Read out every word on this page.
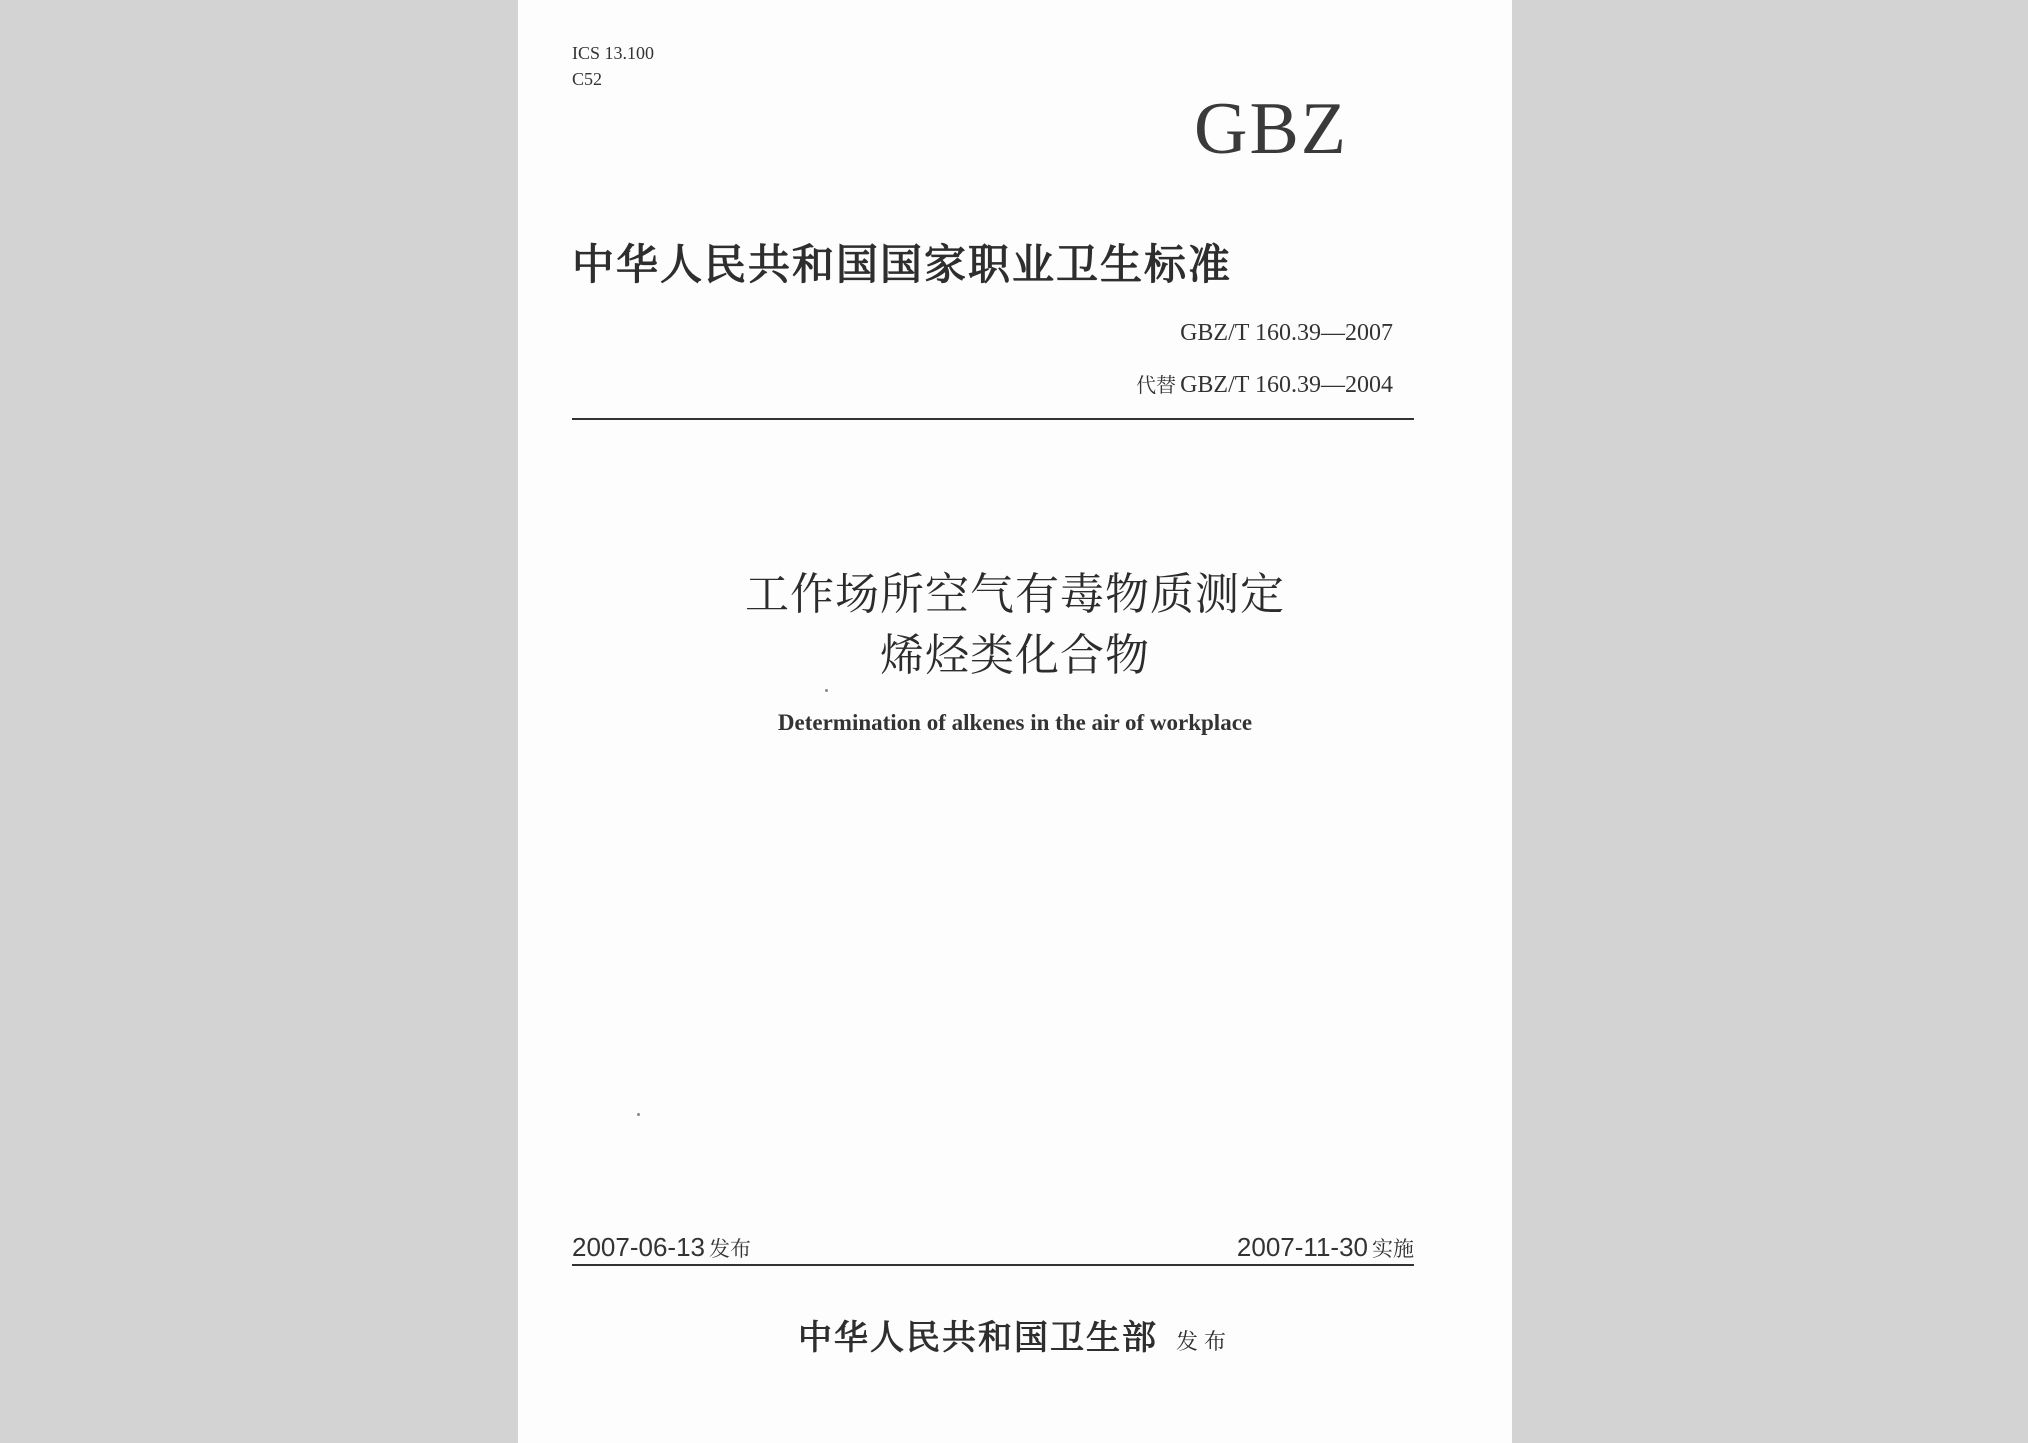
ICS 13.100
C52
GBZ
中华人民共和国国家职业卫生标准
GBZ/T 160.39—2007
代替 GBZ/T 160.39—2004
工作场所空气有毒物质测定
烯烃类化合物
Determination of alkenes in the air of workplace
2007-06-13 发布	2007-11-30 实施
中华人民共和国卫生部 发布
